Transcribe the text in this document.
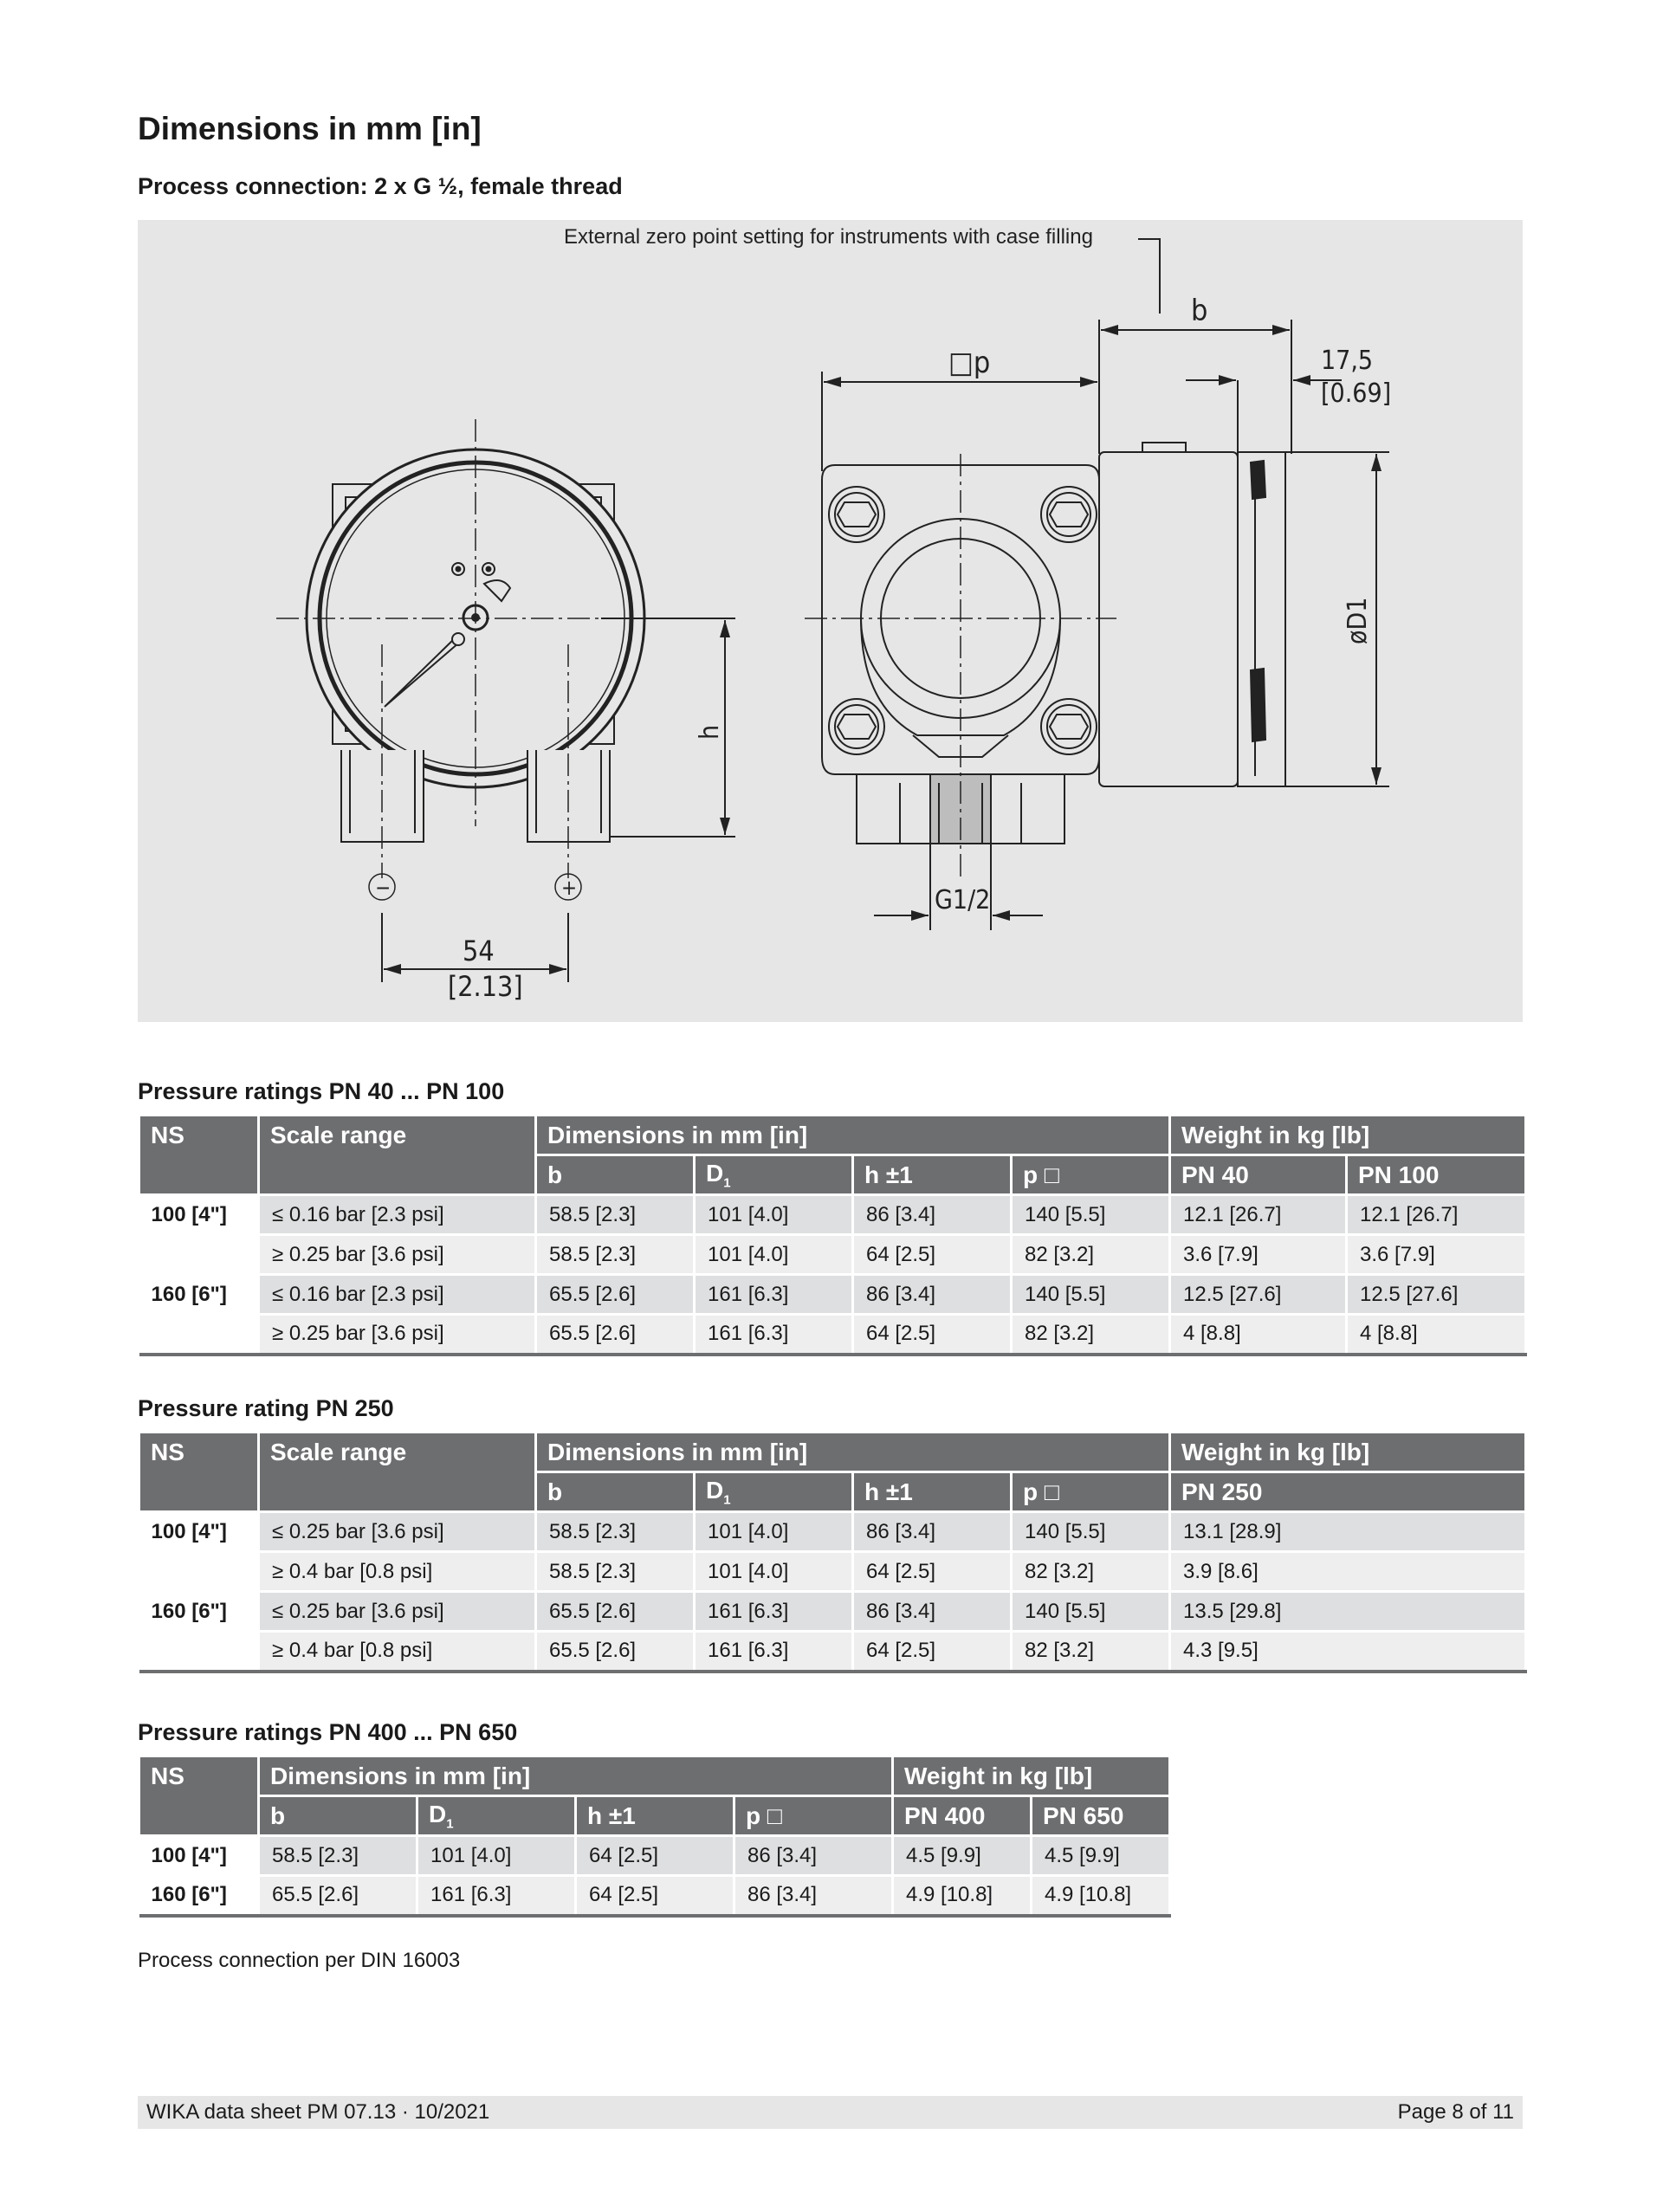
Dimensions in mm [in]
Process connection: 2 x G ½, female thread
b
□p	17,5
[0.69]
øD1
h
G1/2
54
[2.13]
−	+
External zero point setting for instruments with case filling
Pressure ratings PN 40 ... PN 100
NS	Scale range	Dimensions in mm [in]				Weight in kg [lb]	
		b	$D_1$	h ±1	p □	PN 40	PN 100
100 [4"]	≤ 0.16 bar [2.3 psi]	58.5 [2.3]	101 [4.0]	86 [3.4]	140 [5.5]	12.1 [26.7]	12.1 [26.7]
	≥ 0.25 bar [3.6 psi]	58.5 [2.3]	101 [4.0]	64 [2.5]	82 [3.2]	3.6 [7.9]	3.6 [7.9]
160 [6"]	≤ 0.16 bar [2.3 psi]	65.5 [2.6]	161 [6.3]	86 [3.4]	140 [5.5]	12.5 [27.6]	12.5 [27.6]
	≥ 0.25 bar [3.6 psi]	65.5 [2.6]	161 [6.3]	64 [2.5]	82 [3.2]	4 [8.8]	4 [8.8]
Pressure rating PN 250
NS	Scale range	Dimensions in mm [in]				Weight in kg [lb]
		b	$D_1$	h ±1	p □	PN 250
100 [4"]	≤ 0.25 bar [3.6 psi]	58.5 [2.3]	101 [4.0]	86 [3.4]	140 [5.5]	13.1 [28.9]
	≥ 0.4 bar [0.8 psi]	58.5 [2.3]	101 [4.0]	64 [2.5]	82 [3.2]	3.9 [8.6]
160 [6"]	≤ 0.25 bar [3.6 psi]	65.5 [2.6]	161 [6.3]	86 [3.4]	140 [5.5]	13.5 [29.8]
	≥ 0.4 bar [0.8 psi]	65.5 [2.6]	161 [6.3]	64 [2.5]	82 [3.2]	4.3 [9.5]
Pressure ratings PN 400 ... PN 650
NS	Dimensions in mm [in]				Weight in kg [lb]	
	b	$D_1$	h ±1	p □	PN 400	PN 650
100 [4"]	58.5 [2.3]	101 [4.0]	64 [2.5]	86 [3.4]	4.5 [9.9]	4.5 [9.9]
160 [6"]	65.5 [2.6]	161 [6.3]	64 [2.5]	86 [3.4]	4.9 [10.8]	4.9 [10.8]
Process connection per DIN 16003
WIKA data sheet PM 07.13 · 10/2021	Page 8 of 11
